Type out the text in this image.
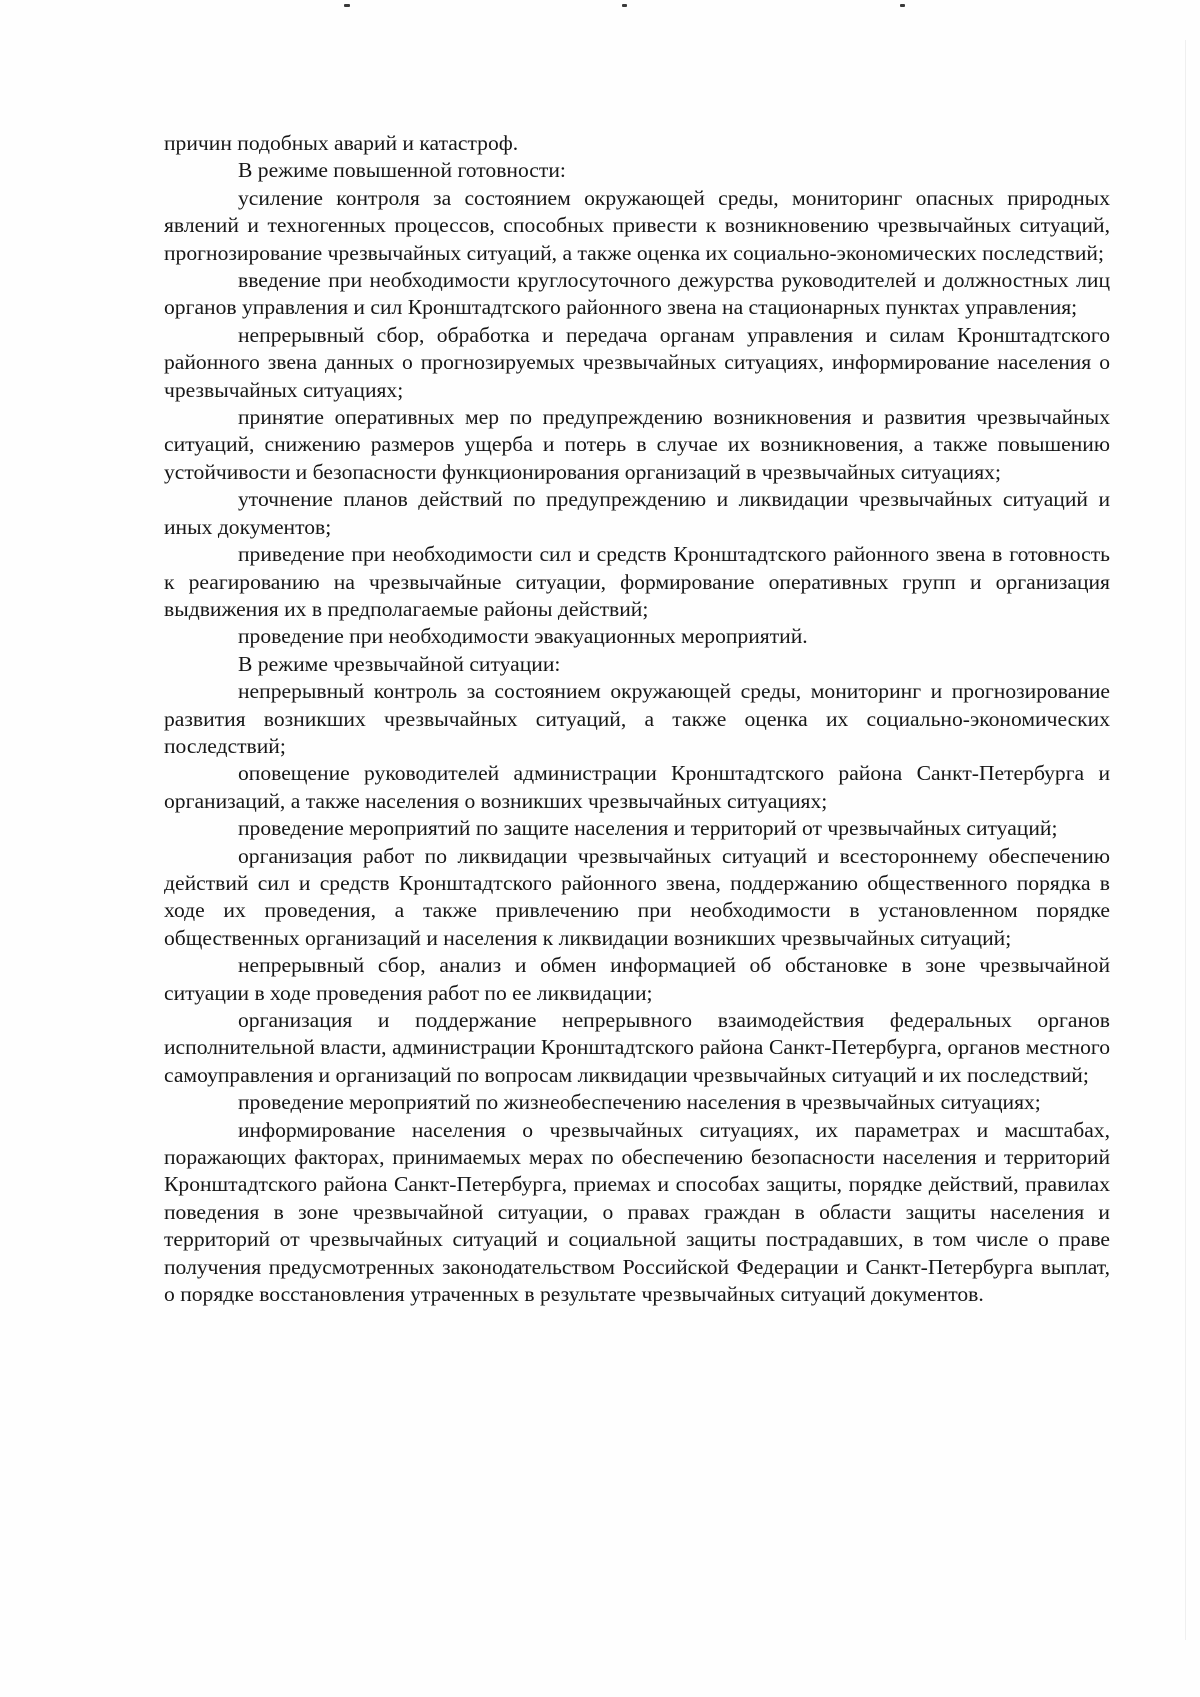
причин подобных аварий и катастроф.

В режиме повышенной готовности:

усиление контроля за состоянием окружающей среды, мониторинг опасных природных явлений и техногенных процессов, способных привести к возникновению чрезвычайных ситуаций, прогнозирование чрезвычайных ситуаций, а также оценка их социально-экономических последствий;

введение при необходимости круглосуточного дежурства руководителей и должностных лиц органов управления и сил Кронштадтского районного звена на стационарных пунктах управления;

непрерывный сбор, обработка и передача органам управления и силам Кронштадтского районного звена данных о прогнозируемых чрезвычайных ситуациях, информирование населения о чрезвычайных ситуациях;

принятие оперативных мер по предупреждению возникновения и развития чрезвычайных ситуаций, снижению размеров ущерба и потерь в случае их возникновения, а также повышению устойчивости и безопасности функционирования организаций в чрезвычайных ситуациях;

уточнение планов действий по предупреждению и ликвидации чрезвычайных ситуаций и иных документов;

приведение при необходимости сил и средств Кронштадтского районного звена в готовность к реагированию на чрезвычайные ситуации, формирование оперативных групп и организация выдвижения их в предполагаемые районы действий;

проведение при необходимости эвакуационных мероприятий.

В режиме чрезвычайной ситуации:

непрерывный контроль за состоянием окружающей среды, мониторинг и прогнозирование развития возникших чрезвычайных ситуаций, а также оценка их социально-экономических последствий;

оповещение руководителей администрации Кронштадтского района Санкт-Петербурга и организаций, а также населения о возникших чрезвычайных ситуациях;

проведение мероприятий по защите населения и территорий от чрезвычайных ситуаций;

организация работ по ликвидации чрезвычайных ситуаций и всестороннему обеспечению действий сил и средств Кронштадтского районного звена, поддержанию общественного порядка в ходе их проведения, а также привлечению при необходимости в установленном порядке общественных организаций и населения к ликвидации возникших чрезвычайных ситуаций;

непрерывный сбор, анализ и обмен информацией об обстановке в зоне чрезвычайной ситуации в ходе проведения работ по ее ликвидации;

организация и поддержание непрерывного взаимодействия федеральных органов исполнительной власти, администрации Кронштадтского района Санкт-Петербурга, органов местного самоуправления и организаций по вопросам ликвидации чрезвычайных ситуаций и их последствий;

проведение мероприятий по жизнеобеспечению населения в чрезвычайных ситуациях;

информирование населения о чрезвычайных ситуациях, их параметрах и масштабах, поражающих факторах, принимаемых мерах по обеспечению безопасности населения и территорий Кронштадтского района Санкт-Петербурга, приемах и способах защиты, порядке действий, правилах поведения в зоне чрезвычайной ситуации, о правах граждан в области защиты населения и территорий от чрезвычайных ситуаций и социальной защиты пострадавших, в том числе о праве получения предусмотренных законодательством Российской Федерации и Санкт-Петербурга выплат, о порядке восстановления утраченных в результате чрезвычайных ситуаций документов.
